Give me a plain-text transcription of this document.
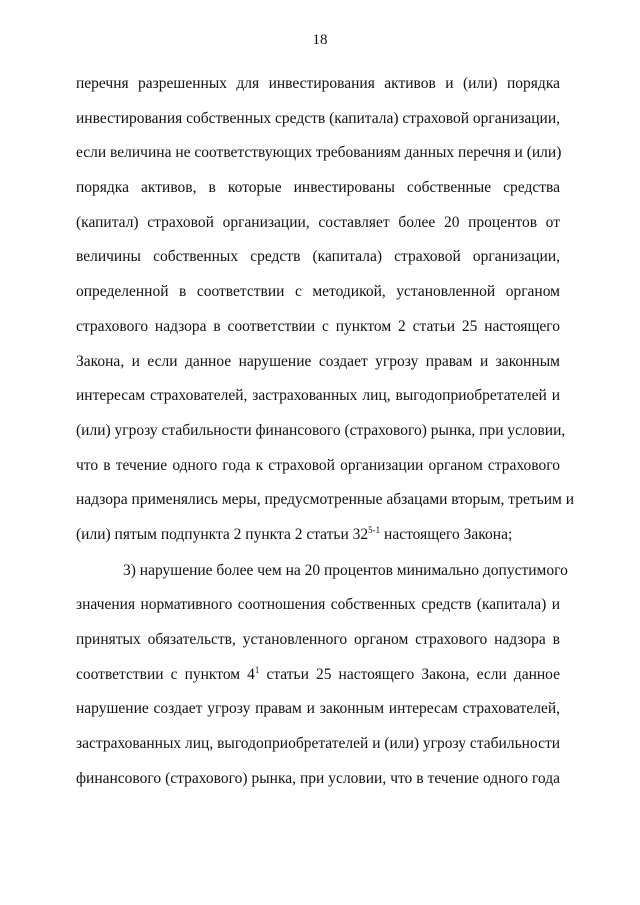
18
перечня разрешенных для инвестирования активов и (или) порядка
инвестирования собственных средств (капитала) страховой организации,
если величина не соответствующих требованиям данных перечня и (или)
порядка активов, в которые инвестированы собственные средства
(капитал) страховой организации, составляет более 20 процентов от
величины собственных средств (капитала) страховой организации,
определенной в соответствии с методикой, установленной органом
страхового надзора в соответствии с пунктом 2 статьи 25 настоящего
Закона, и если данное нарушение создает угрозу правам и законным
интересам страхователей, застрахованных лиц, выгодоприобретателей и
(или) угрозу стабильности финансового (страхового) рынка, при условии,
что в течение одного года к страховой организации органом страхового
надзора применялись меры, предусмотренные абзацами вторым, третьим и
(или) пятым подпункта 2 пункта 2 статьи 32$^{5-1}$ настоящего Закона;
3) нарушение более чем на 20 процентов минимально допустимого
значения нормативного соотношения собственных средств (капитала) и
принятых обязательств, установленного органом страхового надзора в
соответствии с пунктом $4^1$ статьи 25 настоящего Закона, если данное
нарушение создает угрозу правам и законным интересам страхователей,
застрахованных лиц, выгодоприобретателей и (или) угрозу стабильности
финансового (страхового) рынка, при условии, что в течение одного года
